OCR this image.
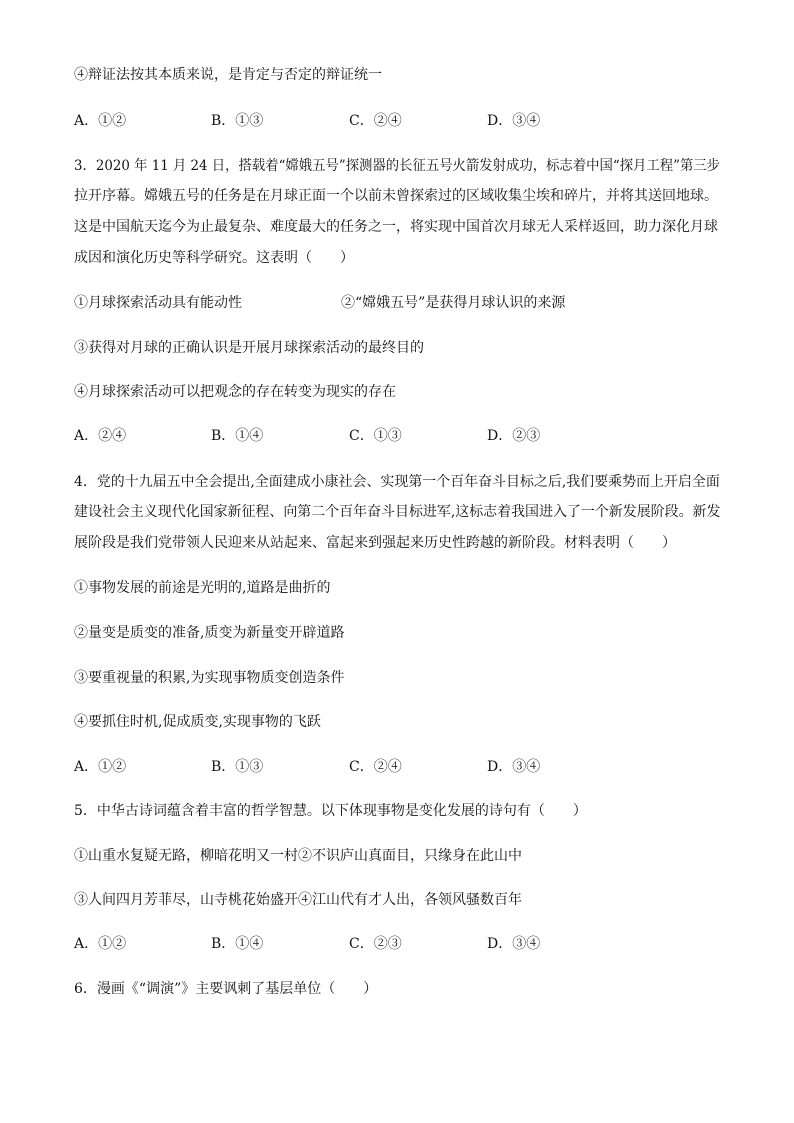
④辩证法按其本质来说，是肯定与否定的辩证统一
A．①②	B．①③	C．②④	D．③④
3．2020 年 11 月 24 日，搭载着“嫦娥五号”探测器的长征五号火箭发射成功，标志着中国“探月工程”第三步
拉开序幕。嫦娥五号的任务是在月球正面一个以前未曾探索过的区域收集尘埃和碎片，并将其送回地球。
这是中国航天迄今为止最复杂、难度最大的任务之一，将实现中国首次月球无人采样返回，助力深化月球
成因和演化历史等科学研究。这表明（　　）
①月球探索活动具有能动性	②“嫦娥五号”是获得月球认识的来源
③获得对月球的正确认识是开展月球探索活动的最终目的
④月球探索活动可以把观念的存在转变为现实的存在
A．②④	B．①④	C．①③	D．②③
4．党的十九届五中全会提出,全面建成小康社会、实现第一个百年奋斗目标之后,我们要乘势而上开启全面
建设社会主义现代化国家新征程、向第二个百年奋斗目标进军,这标志着我国进入了一个新发展阶段。新发
展阶段是我们党带领人民迎来从站起来、富起来到强起来历史性跨越的新阶段。材料表明（　　）
①事物发展的前途是光明的,道路是曲折的
②量变是质变的准备,质变为新量变开辟道路
③要重视量的积累,为实现事物质变创造条件
④要抓住时机,促成质变,实现事物的飞跃
A．①②	B．①③	C．②④	D．③④
5．中华古诗词蕴含着丰富的哲学智慧。以下体现事物是变化发展的诗句有（　　）
①山重水复疑无路，柳暗花明又一村②不识庐山真面目，只缘身在此山中
③人间四月芳菲尽，山寺桃花始盛开④江山代有才人出，各领风骚数百年
A．①②	B．①④	C．②③	D．③④
6．漫画《“调演”》主要讽刺了基层单位（　　）
